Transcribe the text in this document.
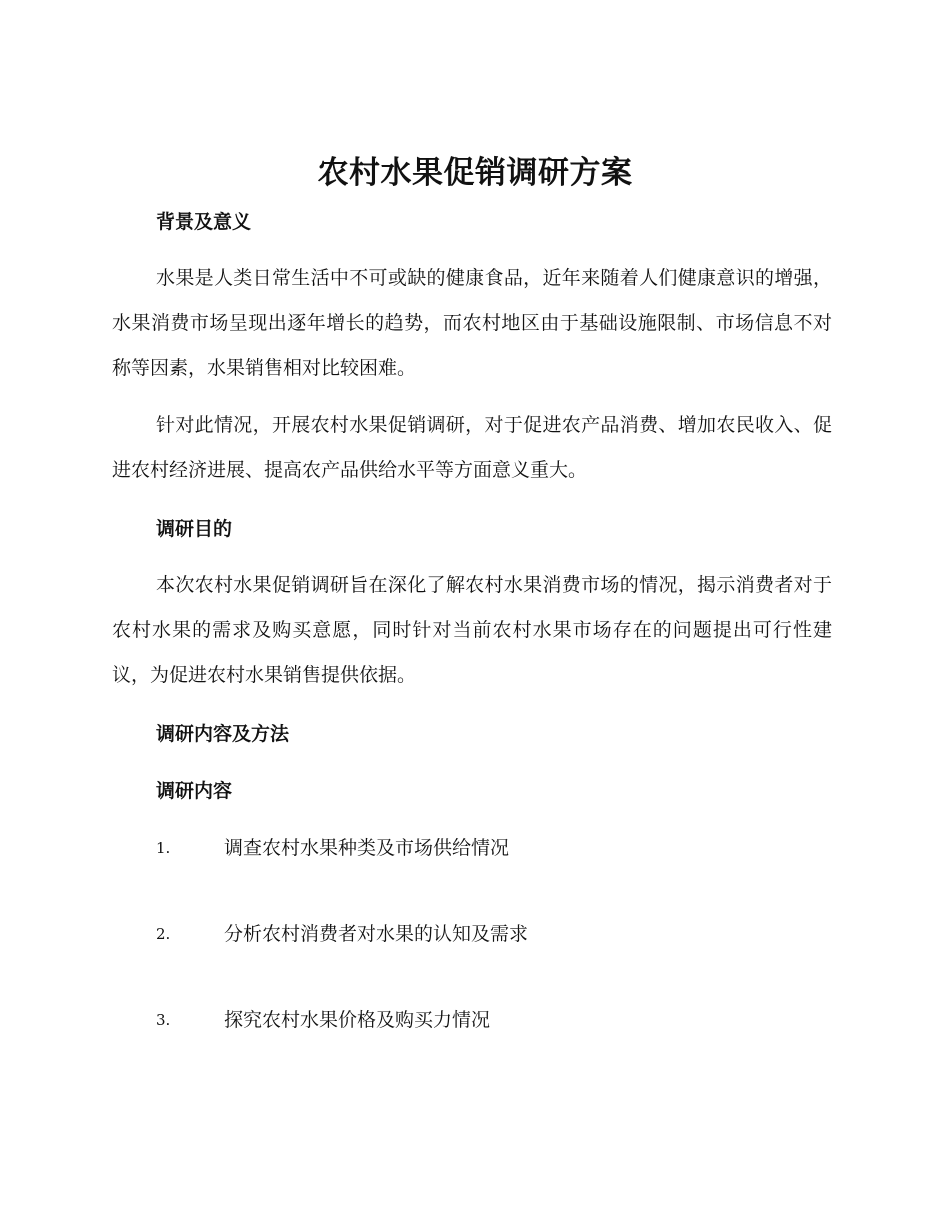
农村水果促销调研方案
背景及意义

水果是人类日常生活中不可或缺的健康食品，近年来随着人们健康意识的增强，水果消费市场呈现出逐年增长的趋势，而农村地区由于基础设施限制、市场信息不对称等因素，水果销售相对比较困难。

针对此情况，开展农村水果促销调研，对于促进农产品消费、增加农民收入、促进农村经济进展、提高农产品供给水平等方面意义重大。

调研目的

本次农村水果促销调研旨在深化了解农村水果消费市场的情况，揭示消费者对于农村水果的需求及购买意愿，同时针对当前农村水果市场存在的问题提出可行性建议，为促进农村水果销售提供依据。

调研内容及方法
调研内容
1.	调查农村水果种类及市场供给情况
2.	分析农村消费者对水果的认知及需求
3.	探究农村水果价格及购买力情况
